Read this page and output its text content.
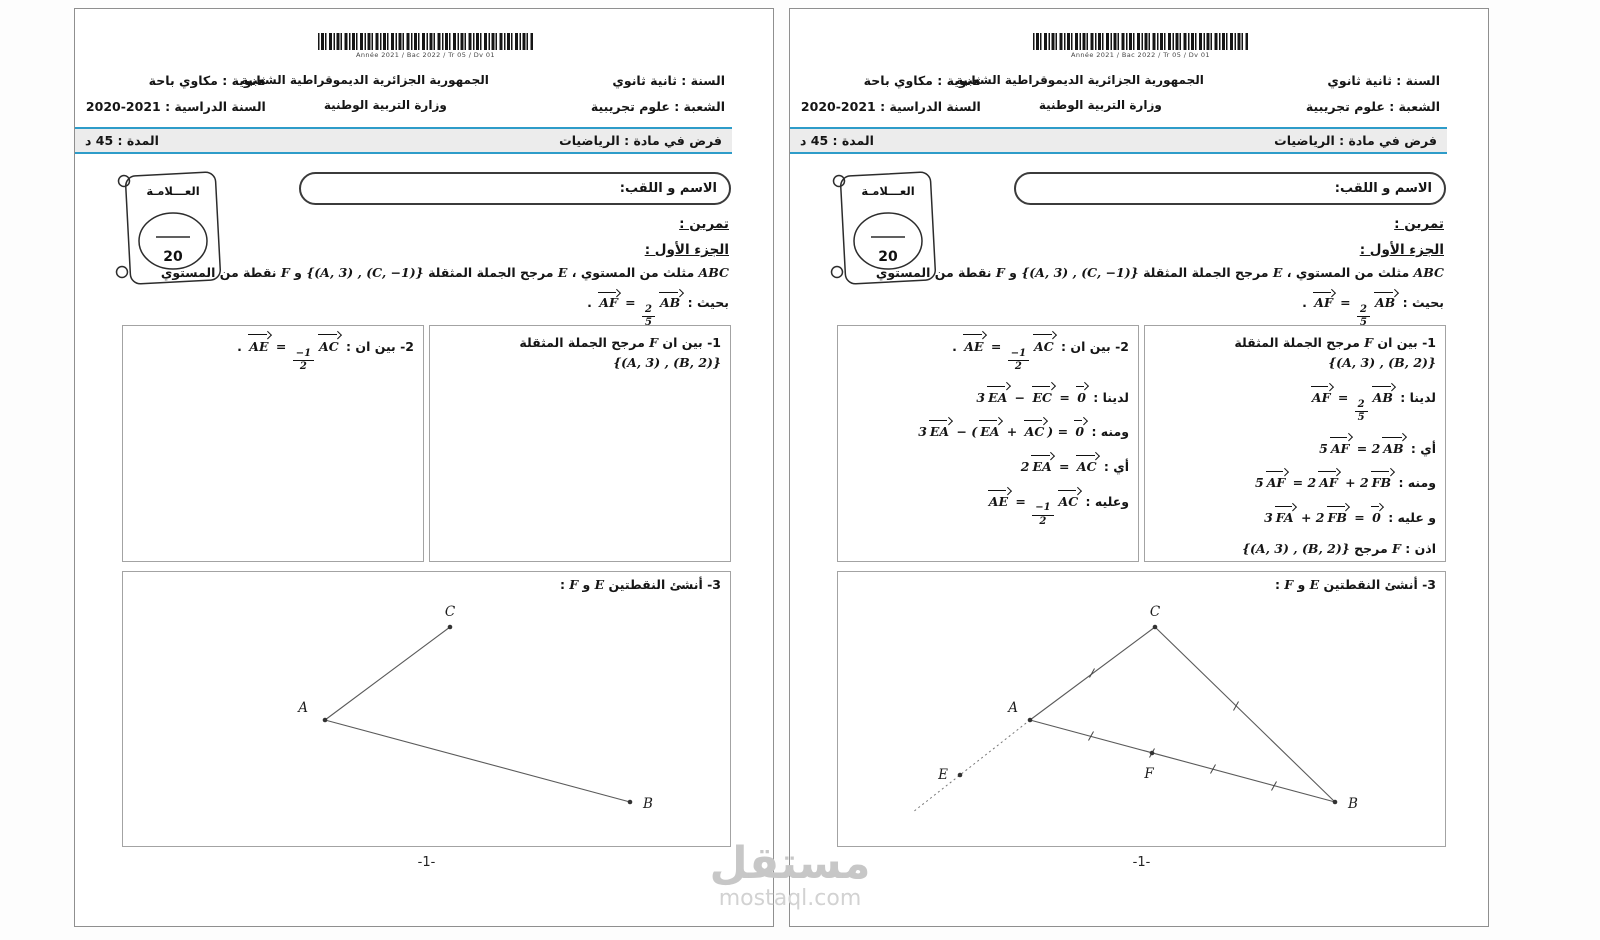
Année 2021 / Bac 2022 / Tr 05 / Dv 01
السنة : ثانية ثانوي
الشعبة : علوم تجريبية
الجمهورية الجزائرية الديموقراطية الشعبية
وزارة التربية الوطنية
ثانوية : مكاوي باحة
السنة الدراسية : 2021-2020
فرض في مادة : الرياضيات
المدة : 45 د
العـــلامـة
20
الاسم و اللقب:
تمرين :
الجزء الأول :
ABC مثلث من المستوي ، E مرجح الجملة المثقلة {(A, 3) , (C, −1)} و F نقطة من المستوي
بحيث : AF =
$\frac{2}{5}$
AB .
1- بين ان F مرجح الجملة المثقلة {(A, 3) , (B, 2)}
2- بين ان : AE =
$\frac{-1}{2}$
AC .
3- أنشئ النقطتين E و F :
C
A
B
-1-
Année 2021 / Bac 2022 / Tr 05 / Dv 01
السنة : ثانية ثانوي
الشعبة : علوم تجريبية
الجمهورية الجزائرية الديموقراطية الشعبية
وزارة التربية الوطنية
ثانوية : مكاوي باحة
السنة الدراسية : 2021-2020
فرض في مادة : الرياضيات
المدة : 45 د
العـــلامـة
20
الاسم و اللقب:
تمرين :
الجزء الأول :
ABC مثلث من المستوي ، E مرجح الجملة المثقلة {(A, 3) , (C, −1)} و F نقطة من المستوي
بحيث : AF =
$\frac{2}{5}$
AB .
1- بين ان F مرجح الجملة المثقلة {(A, 3) , (B, 2)}
لدينا : AF =
$\frac{2}{5}$
AB
أي : 5 AF = 2 AB
ومنه : 5 AF = 2 AF + 2 FB
و عليه : 3 FA + 2 FB = 0
اذن : F مرجح {(A, 3) , (B, 2)}
2- بين ان : AE =
$\frac{-1}{2}$
AC .
لدينا : 3 EA − EC = 0
ومنه : 3 EA − ( EA + AC ) = 0
أي : 2 EA = AC
وعليه : AE =
$\frac{-1}{2}$
AC
3- أنشئ النقطتين E و F :
C
A
B
E	F
-1-
مستقل
mostaql.com
